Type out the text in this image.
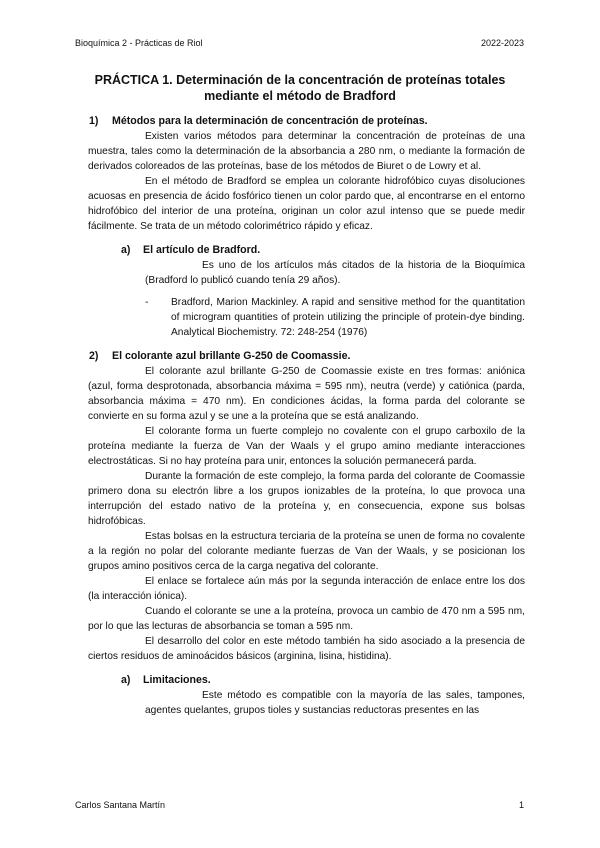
Bioquímica 2 - Prácticas de Riol	2022-2023
PRÁCTICA 1. Determinación de la concentración de proteínas totales
mediante el método de Bradford
1)	Métodos para la determinación de concentración de proteínas.

Existen varios métodos para determinar la concentración de proteínas de una muestra, tales como la determinación de la absorbancia a 280 nm, o mediante la formación de derivados coloreados de las proteínas, base de los métodos de Biuret o de Lowry et al.

En el método de Bradford se emplea un colorante hidrofóbico cuyas disoluciones acuosas en presencia de ácido fosfórico tienen un color pardo que, al encontrarse en el entorno hidrofóbico del interior de una proteína, originan un color azul intenso que se puede medir fácilmente. Se trata de un método colorimétrico rápido y eficaz.

a)	El artículo de Bradford.

Es uno de los artículos más citados de la historia de la Bioquímica (Bradford lo publicó cuando tenía 29 años).

-	Bradford, Marion Mackinley. A rapid and sensitive method for the quantitation of microgram quantities of protein utilizing the principle of protein-dye binding. Analytical Biochemistry. 72: 248-254 (1976)
2)	El colorante azul brillante G-250 de Coomassie.

El colorante azul brillante G-250 de Coomassie existe en tres formas: aniónica (azul, forma desprotonada, absorbancia máxima = 595 nm), neutra (verde) y catiónica (parda, absorbancia máxima = 470 nm). En condiciones ácidas, la forma parda del colorante se convierte en su forma azul y se une a la proteína que se está analizando.

El colorante forma un fuerte complejo no covalente con el grupo carboxilo de la proteína mediante la fuerza de Van der Waals y el grupo amino mediante interacciones electrostáticas. Si no hay proteína para unir, entonces la solución permanecerá parda.

Durante la formación de este complejo, la forma parda del colorante de Coomassie primero dona su electrón libre a los grupos ionizables de la proteína, lo que provoca una interrupción del estado nativo de la proteína y, en consecuencia, expone sus bolsas hidrofóbicas.

Estas bolsas en la estructura terciaria de la proteína se unen de forma no covalente a la región no polar del colorante mediante fuerzas de Van der Waals, y se posicionan los grupos amino positivos cerca de la carga negativa del colorante.

El enlace se fortalece aún más por la segunda interacción de enlace entre los dos (la interacción iónica).

Cuando el colorante se une a la proteína, provoca un cambio de 470 nm a 595 nm, por lo que las lecturas de absorbancia se toman a 595 nm.

El desarrollo del color en este método también ha sido asociado a la presencia de ciertos residuos de aminoácidos básicos (arginina, lisina, histidina).

a)	Limitaciones.

Este método es compatible con la mayoría de las sales, tampones, agentes quelantes, grupos tioles y sustancias reductoras presentes en las

Carlos Santana Martín	1
